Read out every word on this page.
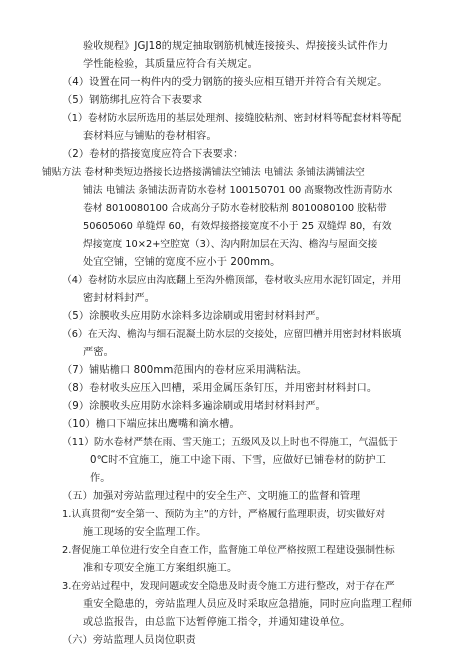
验收规程》JGJ18的规定抽取钢筋机械连接接头、焊接接头试件作力
学性能检验，其质量应符合有关规定。
（4）设置在同一构件内的受力钢筋的接头应相互错开并符合有关规定。
（5）钢筋绑扎应符合下表要求
（1）卷材防水层所选用的基层处理剂、接缝胶粘剂、密封材料等配套材料等配
套材料应与铺贴的卷材相容。
（2）卷材的搭接宽度应符合下表要求：
铺贴方法 卷材种类短边搭接长边搭接满铺法空铺法 电铺法 条铺法满铺法空
铺法 电铺法 条铺法沥青防水卷材 100150701 00 高聚物改性沥青防水
卷材 8010080100 合成高分子防水卷材胶粘剂 8010080100 胶粘带
50605060 单缝焊 60，有效焊接搭接宽度不小于 25 双缝焊 80，有效
焊接宽度 10×2+空腔宽（3）、沟内附加层在天沟、檐沟与屋面交接
处宜空铺，空铺的宽度不应小于 200mm。
（4）卷材防水层应由沟底翻上至沟外檐顶部，卷材收头应用水泥钉固定，并用
密封材料封严。
（5）涂膜收头应用防水涂料多边涂刷或用密封材料封严。
（6）在天沟、檐沟与细石混凝土防水层的交接处，应留凹槽并用密封材料嵌填
严密。
（7）铺贴檐口 800mm范围内的卷材应采用满粘法。
（8）卷材收头应压入凹槽，采用金属压条钉压，并用密封材料封口。
（9）涂膜收头应用防水涂料多遍涂刷或用堵封材料封严。
（10）檐口下端应抹出鹰嘴和滴水槽。
（11）防水卷材严禁在雨、雪天施工；五级风及以上时也不得施工，气温低于
0℃时不宜施工，施工中途下雨、下雪，应做好已铺卷材的防护工
作。
（五）加强对旁站监理过程中的安全生产、文明施工的监督和管理
1.认真贯彻“安全第一、预防为主”的方针，严格履行监理职责，切实做好对
施工现场的安全监理工作。
2.督促施工单位进行安全自查工作，监督施工单位严格按照工程建设强制性标
准和专项安全施工方案组织施工。
3.在旁站过程中，发现问题或安全隐患及时责令施工方进行整改，对于存在严
重安全隐患的，旁站监理人员应及时采取应急措施，同时应向监理工程师
或总监报告，由总监下达暂停施工指令，并通知建设单位。
（六）旁站监理人员岗位职责
